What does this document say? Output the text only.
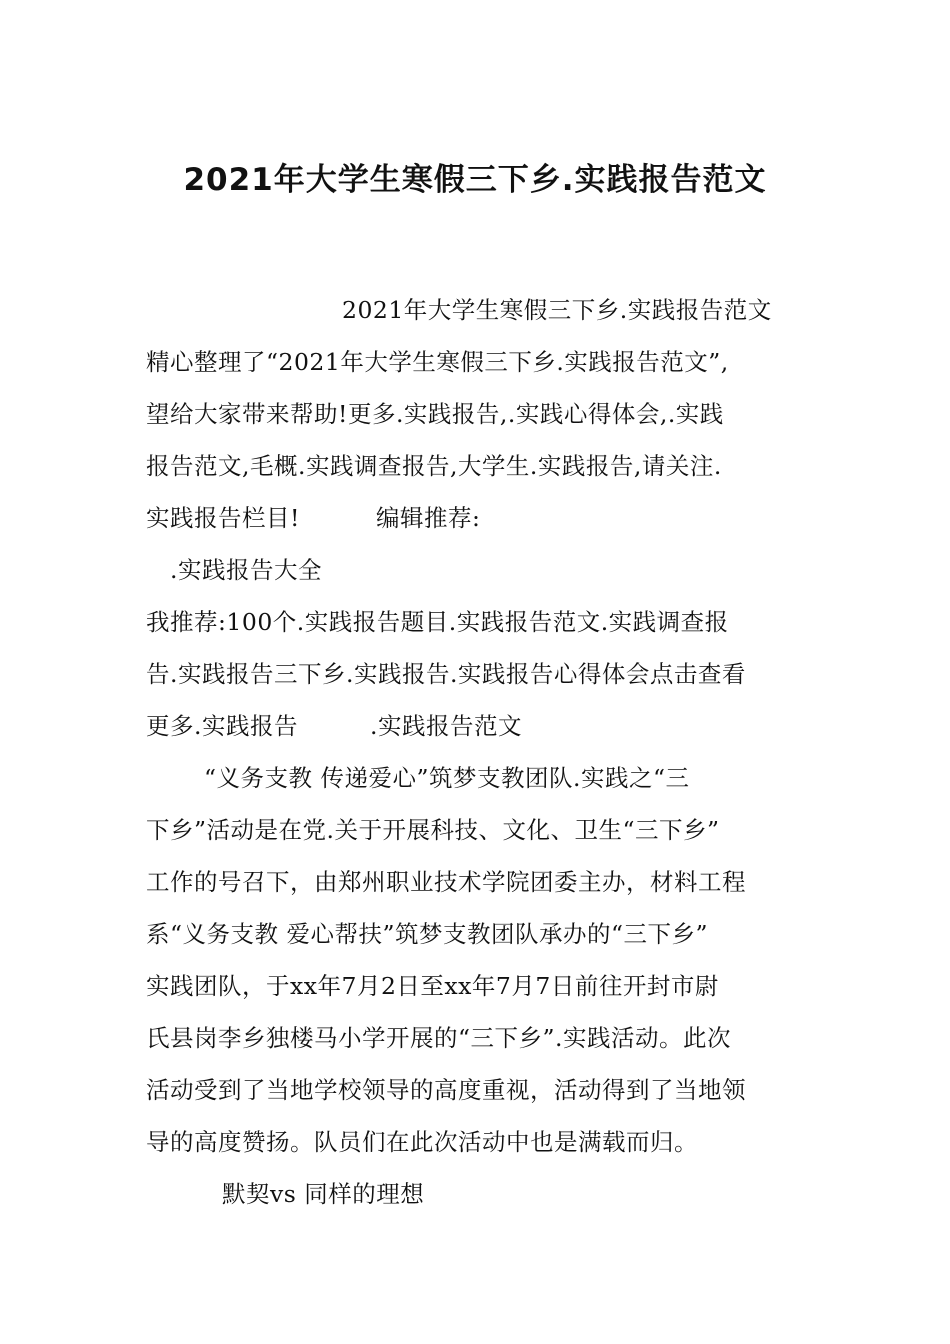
2021年大学生寒假三下乡.实践报告范文
2021年大学生寒假三下乡.实践报告范文
精心整理了“2021年大学生寒假三下乡.实践报告范文”,
望给大家带来帮助!更多.实践报告,.实践心得体会,.实践
报告范文,毛概.实践调查报告,大学生.实践报告,请关注.
实践报告栏目!	编辑推荐:
.实践报告大全
我推荐:100个.实践报告题目.实践报告范文.实践调查报
告.实践报告三下乡.实践报告.实践报告心得体会点击查看
更多.实践报告	.实践报告范文
“义务支教 传递爱心”筑梦支教团队.实践之“三
下乡”活动是在党.关于开展科技、文化、卫生“三下乡”
工作的号召下，由郑州职业技术学院团委主办，材料工程
系“义务支教 爱心帮扶”筑梦支教团队承办的“三下乡”
实践团队，于xx年7月2日至xx年7月7日前往开封市尉
氏县岗李乡独楼马小学开展的“三下乡”.实践活动。此次
活动受到了当地学校领导的高度重视，活动得到了当地领
导的高度赞扬。队员们在此次活动中也是满载而归。
默契vs 同样的理想
